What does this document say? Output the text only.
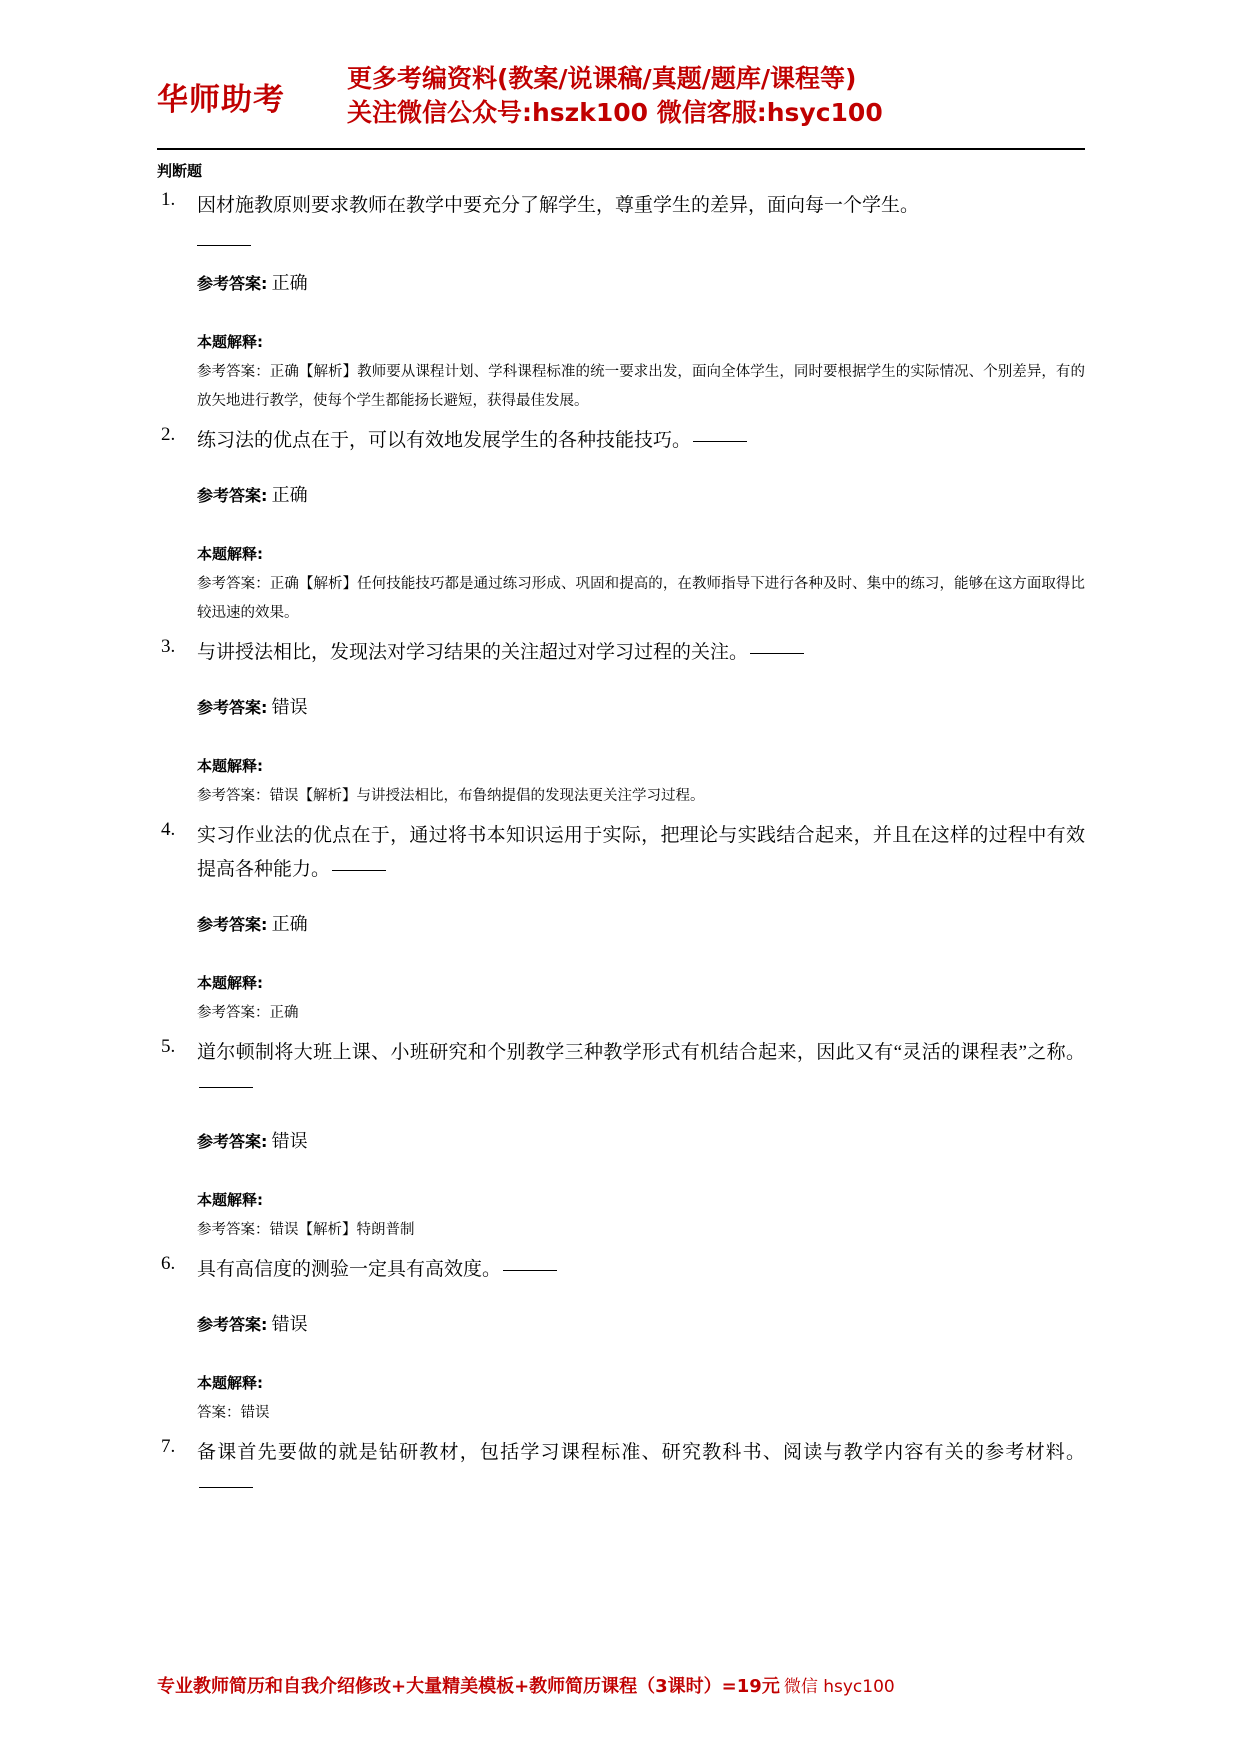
华师助考
更多考编资料(教案/说课稿/真题/题库/课程等)
关注微信公众号:hszk100 微信客服:hsyc100
判断题
1. 因材施教原则要求教师在教学中要充分了解学生，尊重学生的差异，面向每一个学生。
参考答案: 正确
本题解释:
参考答案：正确【解析】教师要从课程计划、学科课程标准的统一要求出发，面向全体学生，同时要根据学生的实际情况、个别差异，有的放矢地进行教学，使每个学生都能扬长避短，获得最佳发展。
2. 练习法的优点在于，可以有效地发展学生的各种技能技巧。
参考答案: 正确
本题解释:
参考答案：正确【解析】任何技能技巧都是通过练习形成、巩固和提高的，在教师指导下进行各种及时、集中的练习，能够在这方面取得比较迅速的效果。
3. 与讲授法相比，发现法对学习结果的关注超过对学习过程的关注。
参考答案: 错误
本题解释:
参考答案：错误【解析】与讲授法相比，布鲁纳提倡的发现法更关注学习过程。
4. 实习作业法的优点在于，通过将书本知识运用于实际，把理论与实践结合起来，并且在这样的过程中有效提高各种能力。
参考答案: 正确
本题解释:
参考答案：正确
5. 道尔顿制将大班上课、小班研究和个别教学三种教学形式有机结合起来，因此又有“灵活的课程表”之称。
参考答案: 错误
本题解释:
参考答案：错误【解析】特朗普制
6. 具有高信度的测验一定具有高效度。
参考答案: 错误
本题解释:
答案：错误
7. 备课首先要做的就是钻研教材，包括学习课程标准、研究教科书、阅读与教学内容有关的参考材料。
专业教师简历和自我介绍修改+大量精美模板+教师简历课程（3课时）=19元 微信 hsyc100
